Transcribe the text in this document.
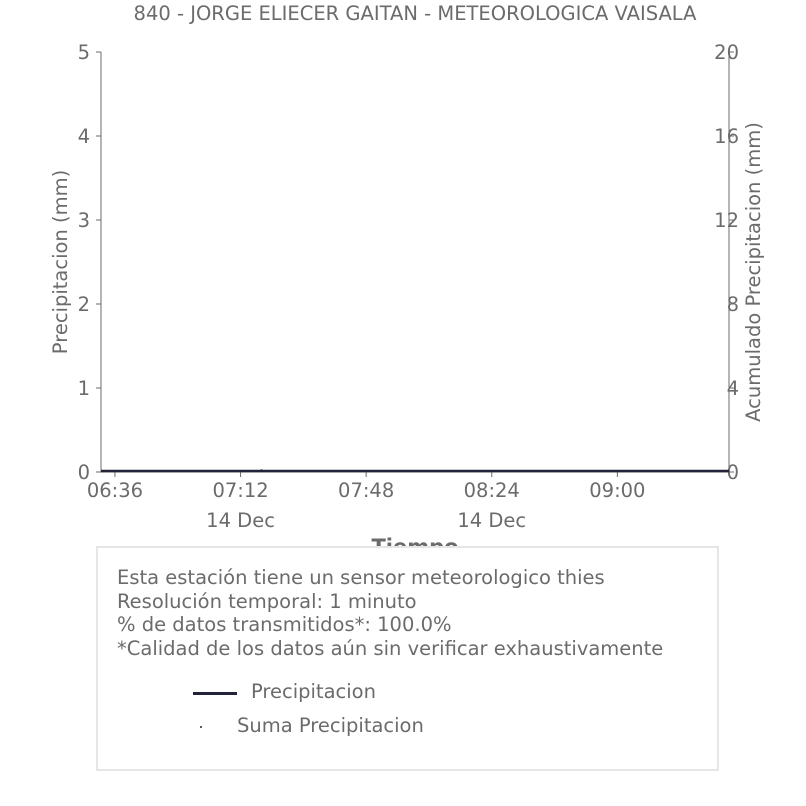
840 - JORGE ELIECER GAITAN - METEOROLOGICA VAISALA
0
1
2
3
4
5
0
4
8
12
16
20
06:36	07:12	07:48	08:24	09:00
14 Dec	14 Dec
Precipitacion (mm)	Acumulado Precipitacion (mm)
Esta estación tiene un sensor meteorologico thies
Resolución temporal: 1 minuto
% de datos transmitidos*: 100.0%
*Calidad de los datos aún sin verificar exhaustivamente
Precipitacion
Suma Precipitacion
